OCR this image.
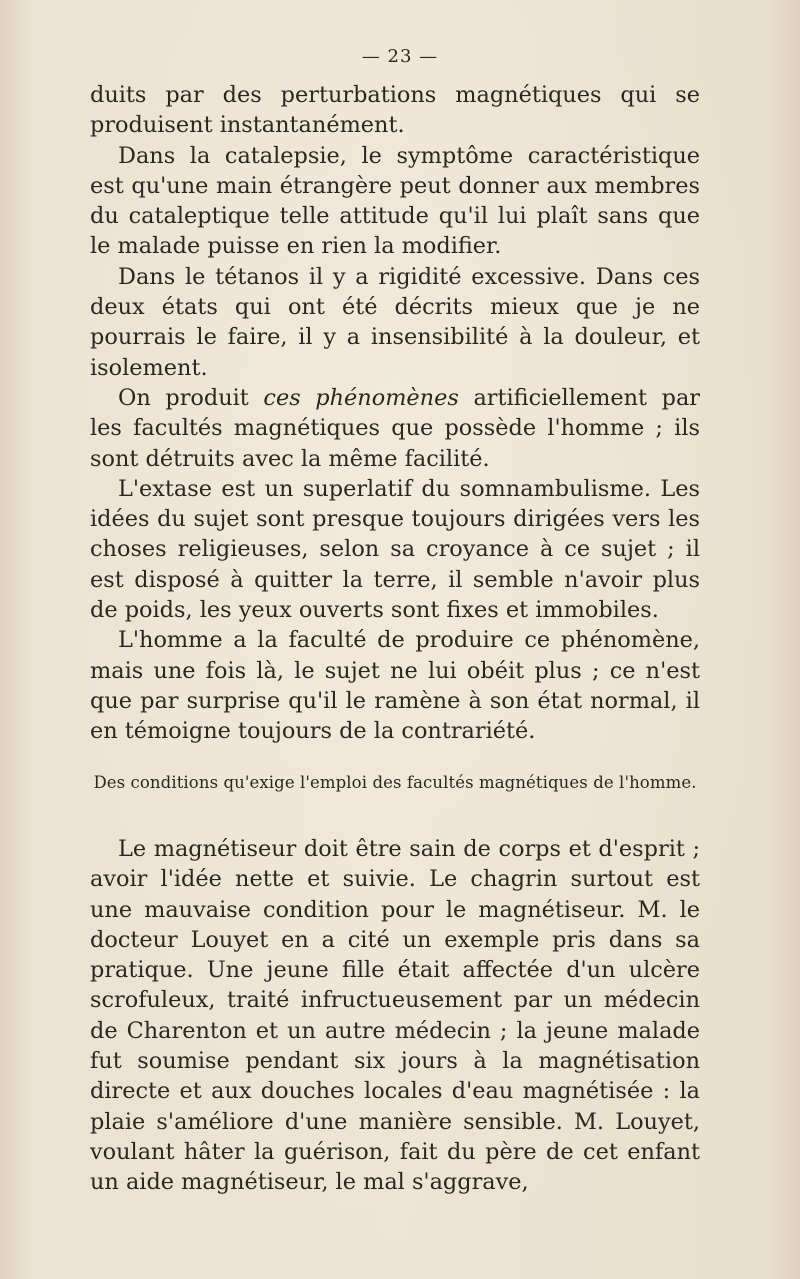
— 23 —

duits par des perturbations magnétiques qui se produisent instantanément.

Dans la catalepsie, le symptôme caractéristique est qu'une main étrangère peut donner aux membres du cataleptique telle attitude qu'il lui plaît sans que le malade puisse en rien la modifier.

Dans le tétanos il y a rigidité excessive. Dans ces deux états qui ont été décrits mieux que je ne pourrais le faire, il y a insensibilité à la douleur, et isolement.

On produit ces phénomènes artificiellement par les facultés magnétiques que possède l'homme ; ils sont détruits avec la même facilité.

L'extase est un superlatif du somnambulisme. Les idées du sujet sont presque toujours dirigées vers les choses religieuses, selon sa croyance à ce sujet ; il est disposé à quitter la terre, il semble n'avoir plus de poids, les yeux ouverts sont fixes et immobiles.

L'homme a la faculté de produire ce phénomène, mais une fois là, le sujet ne lui obéit plus ; ce n'est que par surprise qu'il le ramène à son état normal, il en témoigne toujours de la contrariété.

Des conditions qu'exige l'emploi des facultés magnétiques de l'homme.

Le magnétiseur doit être sain de corps et d'esprit ; avoir l'idée nette et suivie. Le chagrin surtout est une mauvaise condition pour le magnétiseur. M. le docteur Louyet en a cité un exemple pris dans sa pratique. Une jeune fille était affectée d'un ulcère scrofuleux, traité infructueusement par un médecin de Charenton et un autre médecin ; la jeune malade fut soumise pendant six jours à la magnétisation directe et aux douches locales d'eau magnétisée : la plaie s'améliore d'une manière sensible. M. Louyet, voulant hâter la guérison, fait du père de cet enfant un aide magnétiseur, le mal s'aggrave,
